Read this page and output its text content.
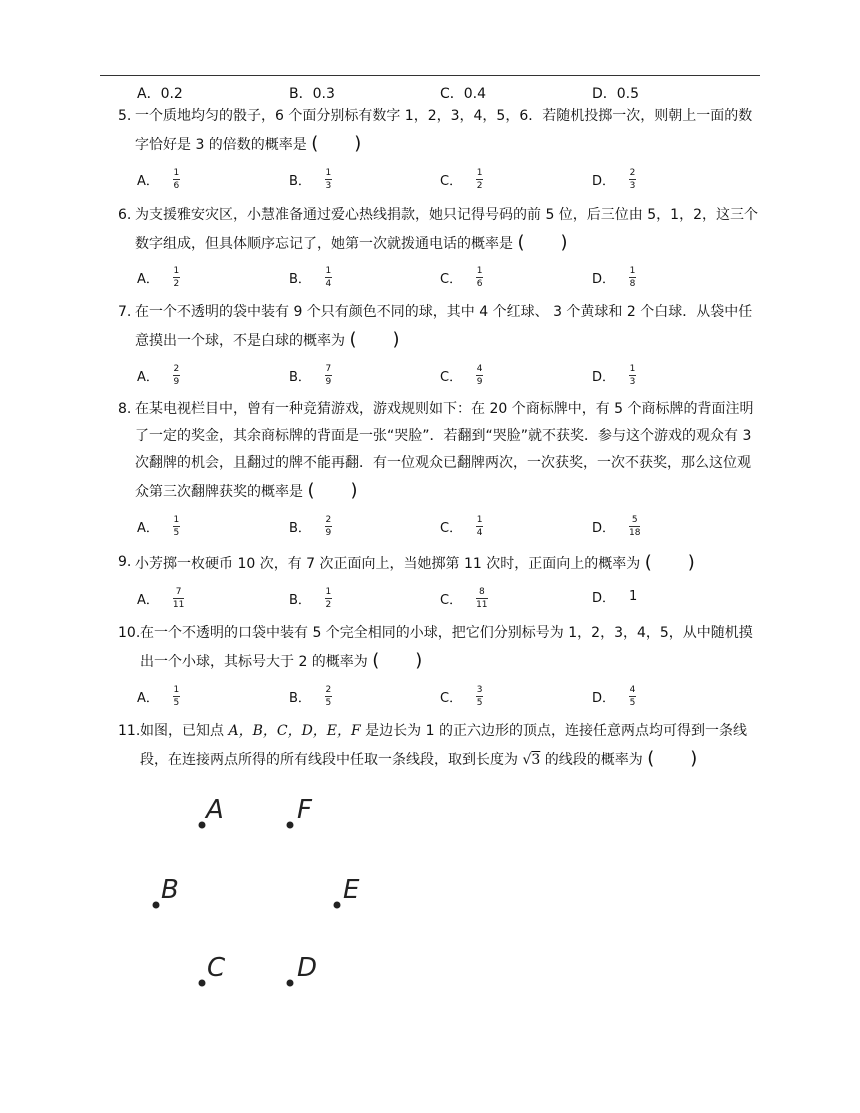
A．0.2	B．0.3	C．0.4	D．0.5
5. 一个质地均匀的骰子，6 个面分别标有数字 1，2，3，4，5，6．若随机投掷一次，则朝上一面的数字恰好是 3 的倍数的概率是 (　　)
A． $\frac{1}{6}$	B． $\frac{1}{3}$	C． $\frac{1}{2}$	D． $\frac{2}{3}$
6. 为支援雅安灾区，小慧准备通过爱心热线捐款，她只记得号码的前 5 位，后三位由 5，1，2，这三个数字组成，但具体顺序忘记了，她第一次就拨通电话的概率是 (　　)
A． $\frac{1}{2}$	B． $\frac{1}{4}$	C． $\frac{1}{6}$	D． $\frac{1}{8}$
7. 在一个不透明的袋中装有 9 个只有颜色不同的球，其中 4 个红球、 3 个黄球和 2 个白球．从袋中任意摸出一个球，不是白球的概率为 (　　)
A． $\frac{2}{9}$	B． $\frac{7}{9}$	C． $\frac{4}{9}$	D． $\frac{1}{3}$
8. 在某电视栏目中，曾有一种竞猜游戏，游戏规则如下：在 20 个商标牌中，有 5 个商标牌的背面注明了一定的奖金，其余商标牌的背面是一张“哭脸”．若翻到“哭脸”就不获奖．参与这个游戏的观众有 3 次翻牌的机会，且翻过的牌不能再翻．有一位观众已翻牌两次，一次获奖，一次不获奖，那么这位观众第三次翻牌获奖的概率是 (　　)
A． $\frac{1}{5}$	B． $\frac{2}{9}$	C． $\frac{1}{4}$	D． $\frac{5}{18}$
9. 小芳掷一枚硬币 10 次，有 7 次正面向上，当她掷第 11 次时，正面向上的概率为 (　　)
A． $\frac{7}{11}$	B． $\frac{1}{2}$	C． $\frac{8}{11}$	D． 1
10. 在一个不透明的口袋中装有 5 个完全相同的小球，把它们分别标号为 1，2，3，4，5，从中随机摸出一个小球，其标号大于 2 的概率为 (　　)
A． $\frac{1}{5}$	B． $\frac{2}{5}$	C． $\frac{3}{5}$	D． $\frac{4}{5}$
11. 如图，已知点 A，B，C，D，E，F 是边长为 1 的正六边形的顶点，连接任意两点均可得到一条线段，在连接两点所得的所有线段中任取一条线段，取到长度为 √3 的线段的概率为 (　　)
A	F
B	E
C	D
